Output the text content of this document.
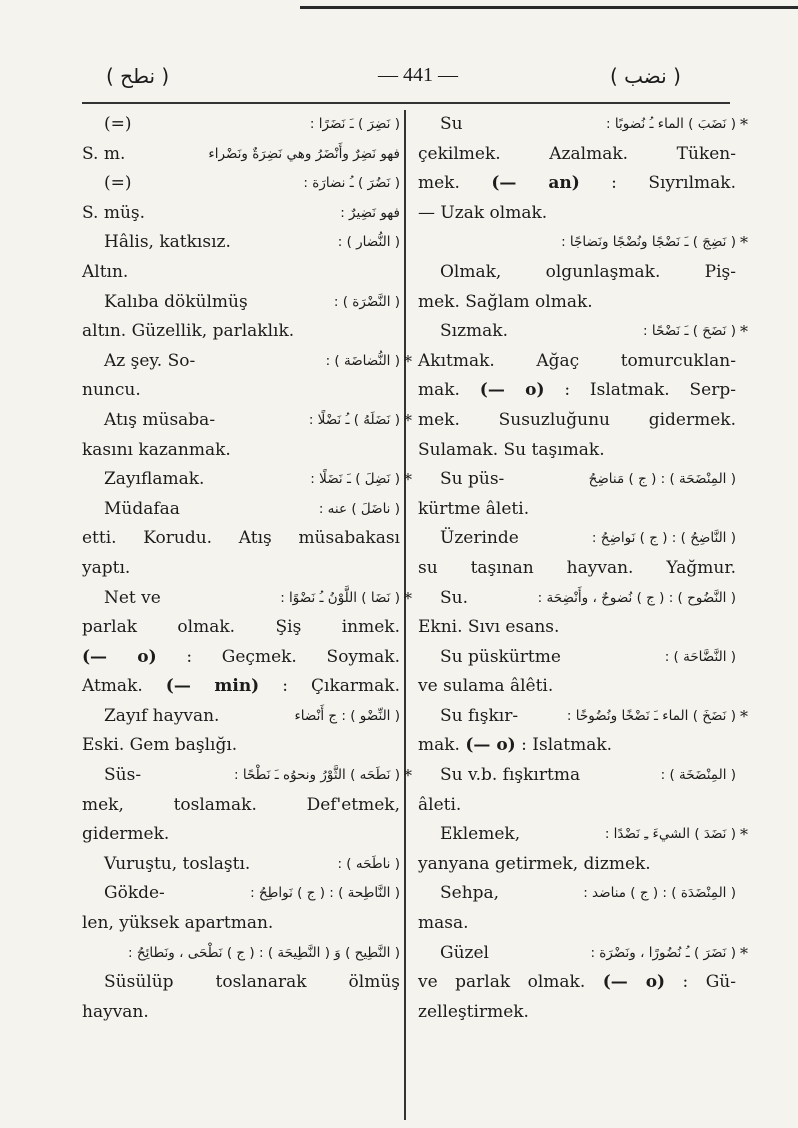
( نطح )	— 441 —	( نضب )
( نَضِرَ ) ـَ نَضَرًا :
(=)
فهو نَضِرٌ وأَنْضَرُ وهي نَضِرَةٌ ونَضْراء
S. m.
( نَضُرَ ) ـُ نضارَة :
(=)
فهو نَضِيرٌ :
S. müş.
( النُّضار ) :
Hâlis, katkısız.
Altın.
( النَّضْرَة ) :
Kalıba dökülmüş
altın. Güzellik, parlaklık.
*
( النُّضاضَة ) :
Az şey. So-
nuncu.
*
( نَضَلَهُ ) ـُ نَضْلًا :
Atış müsaba-
kasını kazanmak.
*
( نَضِلَ ) ـَ نَضَلًا :
Zayıflamak.
( ناضَلَ ) عنه :
Müdafaa
etti. Korudu. Atış müsabakası
yaptı.
*
( نَضَا ) اللَّوْنُ ـُ نَضْوًا :
Net ve
parlak olmak. Şiş inmek.
(— o) : Geçmek. Soymak.
Atmak. (— min) : Çıkarmak.
( النِّضْو ) : ج أَنْضاء
Zayıf hayvan.
Eski. Gem başlığı.
*
( نَطَحَه ) الثَّوْرُ ونحوُه ـَ نَطْحًا :
Süs-
mek, toslamak. Def'etmek,
gidermek.
( ناطَحَه ) :
Vuruştu, toslaştı.
( النَّاطِحة ) : ( ج ) نَواطِحُ :
Gökde-
len, yüksek apartman.
( النَّطِيح ) وَ ( النَّطِيحَة ) : ( ج ) نَطْحَى ، ونَطائِحُ :
Süsülüp toslanarak ölmüş
hayvan.
*
( نَضَبَ ) الماء ـُ نُضوبًا :
Su
çekilmek. Azalmak. Tüken-
mek. (— an) : Sıyrılmak.
— Uzak olmak.
*
( نَضِجَ ) ـَ نَضْجًا ونُضْجًا ونَضاجًا :
Olmak, olgunlaşmak. Piş-
mek. Sağlam olmak.
*
( نَضَحَ ) ـَ نَضْحًا :
Sızmak.
Akıtmak. Ağaç tomurcuklan-
mak. (— o) : Islatmak. Serp-
mek. Susuzluğunu gidermek.
Sulamak. Su taşımak.
( المِنْضَحَة ) : ( ج ) مَناضِحُ
Su püs-
kürtme âleti.
( النَّاضِحُ ) : ( ج ) نَواضِحُ :
Üzerinde
su taşınan hayvan. Yağmur.
( النَّضُوح ) : ( ج ) نُضوحٌ ، وأَنْضِحَة :
Su.
Ekni. Sıvı esans.
( النَّضَّاحَة ) :
Su püskürtme
ve sulama âlêti.
*
( نَضَخَ ) الماء ـَ نَضْخًا ونُضُوخًا :
Su fışkır-
mak. (— o) : Islatmak.
( المِنْضَخَة ) :
Su v.b. fışkırtma
âleti.
*
( نَضَدَ ) الشيءَ ـِ نَضْدًا :
Eklemek,
yanyana getirmek, dizmek.
( المِنْضَدَة ) : ( ج ) مناضد :
Sehpa,
masa.
*
( نَضَرَ ) ـُ نُضُورًا ، ونَضْرَة :
Güzel
ve parlak olmak. (— o) : Gü-
zelleştirmek.
